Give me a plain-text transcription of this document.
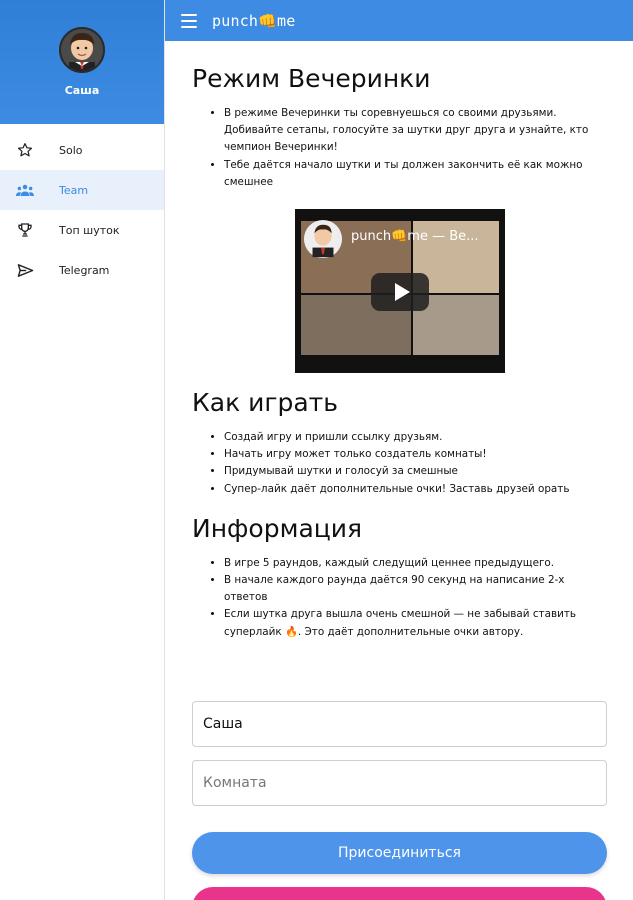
Саша
Solo
Team
Топ шуток
Telegram
punch👊me
Режим Вечеринки
• В режиме Вечеринки ты соревнуешься со своими друзьями. Добивайте сетапы, голосуйте за шутки друг друга и узнайте, кто чемпион Вечеринки!
• Тебе даётся начало шутки и ты должен закончить её как можно смешнее
punch👊me — Ве...
Как играть
• Создай игру и пришли ссылку друзьям.
• Начать игру может только создатель комнаты!
• Придумывай шутки и голосуй за смешные
• Супер-лайк даёт дополнительные очки! Заставь друзей орать
Информация
• В игре 5 раундов, каждый следущий ценнее предыдущего.
• В начале каждого раунда даётся 90 секунд на написание 2-х ответов
• Если шутка друга вышла очень смешной — не забывай ставить суперлайк 🔥. Это даёт дополнительные очки автору.
Саша
Комната
Присоединиться
